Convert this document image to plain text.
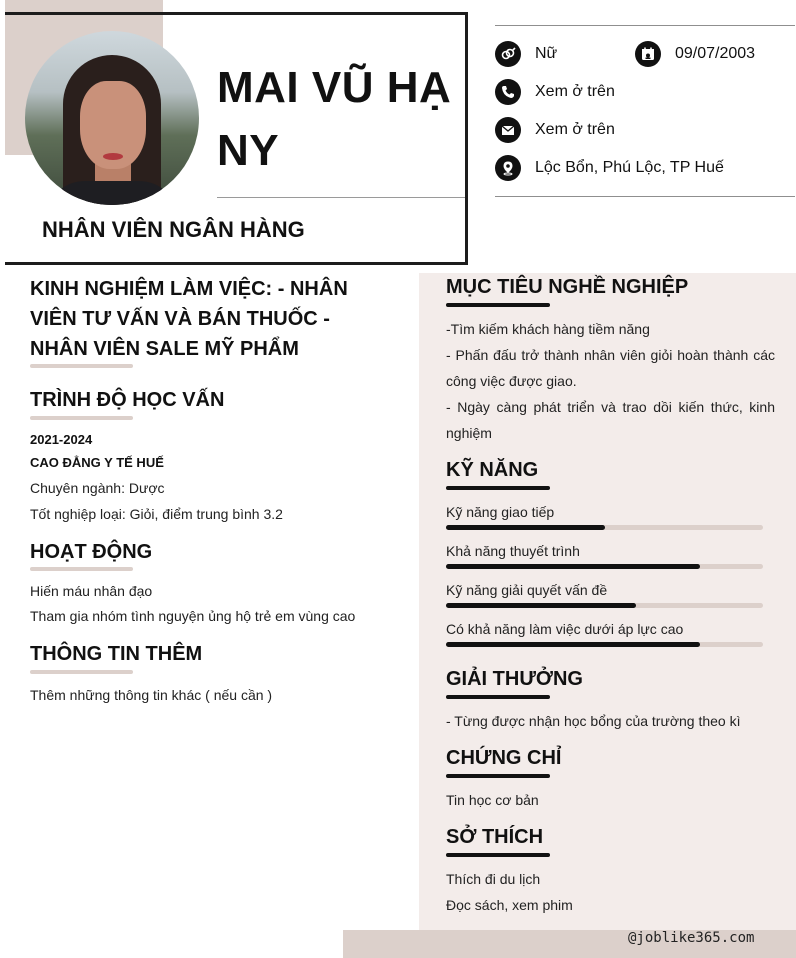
MAI VŨ HẠ NY
NHÂN VIÊN NGÂN HÀNG
Nữ	09/07/2003
Xem ở trên
Xem ở trên
Lộc Bổn, Phú Lộc, TP Huế
KINH NGHIỆM LÀM VIỆC: - NHÂN VIÊN TƯ VẤN VÀ BÁN THUỐC - NHÂN VIÊN SALE MỸ PHẨM
TRÌNH ĐỘ HỌC VẤN
2021-2024
CAO ĐẲNG Y TẾ HUẾ
Chuyên ngành: Dược
Tốt nghiệp loại: Giỏi, điểm trung bình 3.2
HOẠT ĐỘNG
Hiến máu nhân đạo
Tham gia nhóm tình nguyện ủng hộ trẻ em vùng cao
THÔNG TIN THÊM
Thêm những thông tin khác ( nếu cần )
MỤC TIÊU NGHỀ NGHIỆP
-Tìm kiếm khách hàng tiềm năng
- Phấn đấu trở thành nhân viên giỏi hoàn thành các công việc được giao.
- Ngày càng phát triển và trao dồi kiến thức, kinh nghiệm
KỸ NĂNG
Kỹ năng giao tiếp
Khả năng thuyết trình
Kỹ năng giải quyết vấn đề
Có khả năng làm việc dưới áp lực cao
GIẢI THƯỞNG
- Từng được nhận học bổng của trường theo kì
CHỨNG CHỈ
Tin học cơ bản
SỞ THÍCH
Thích đi du lịch
Đọc sách, xem phim
@joblike365.com
